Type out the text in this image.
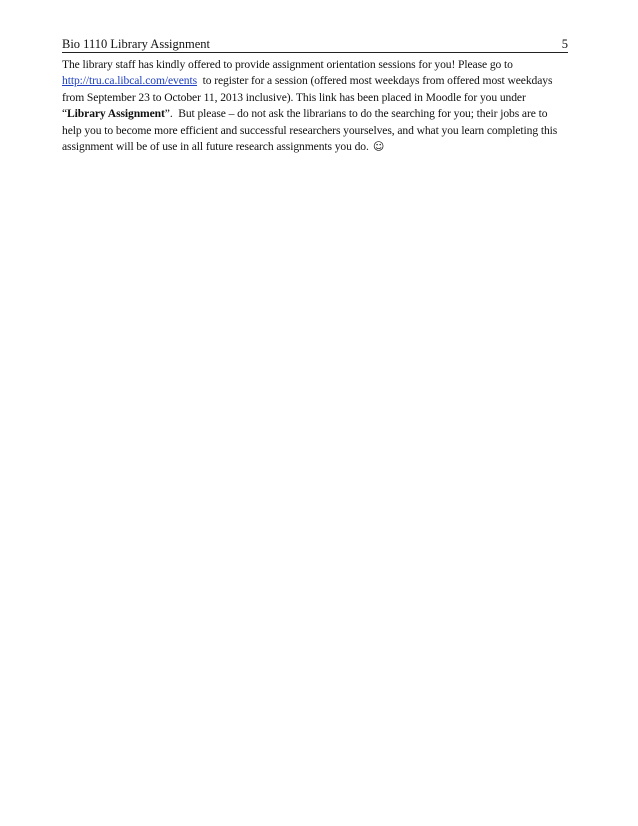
Bio 1110 Library Assignment	5
The library staff has kindly offered to provide assignment orientation sessions for you! Please go to
http://tru.ca.libcal.com/events  to register for a session (offered most weekdays from offered most weekdays
from September 23 to October 11, 2013 inclusive). This link has been placed in Moodle for you under
“Library Assignment”.  But please – do not ask the librarians to do the searching for you; their jobs are to
help you to become more efficient and successful researchers yourselves, and what you learn completing this
assignment will be of use in all future research assignments you do. ☺
